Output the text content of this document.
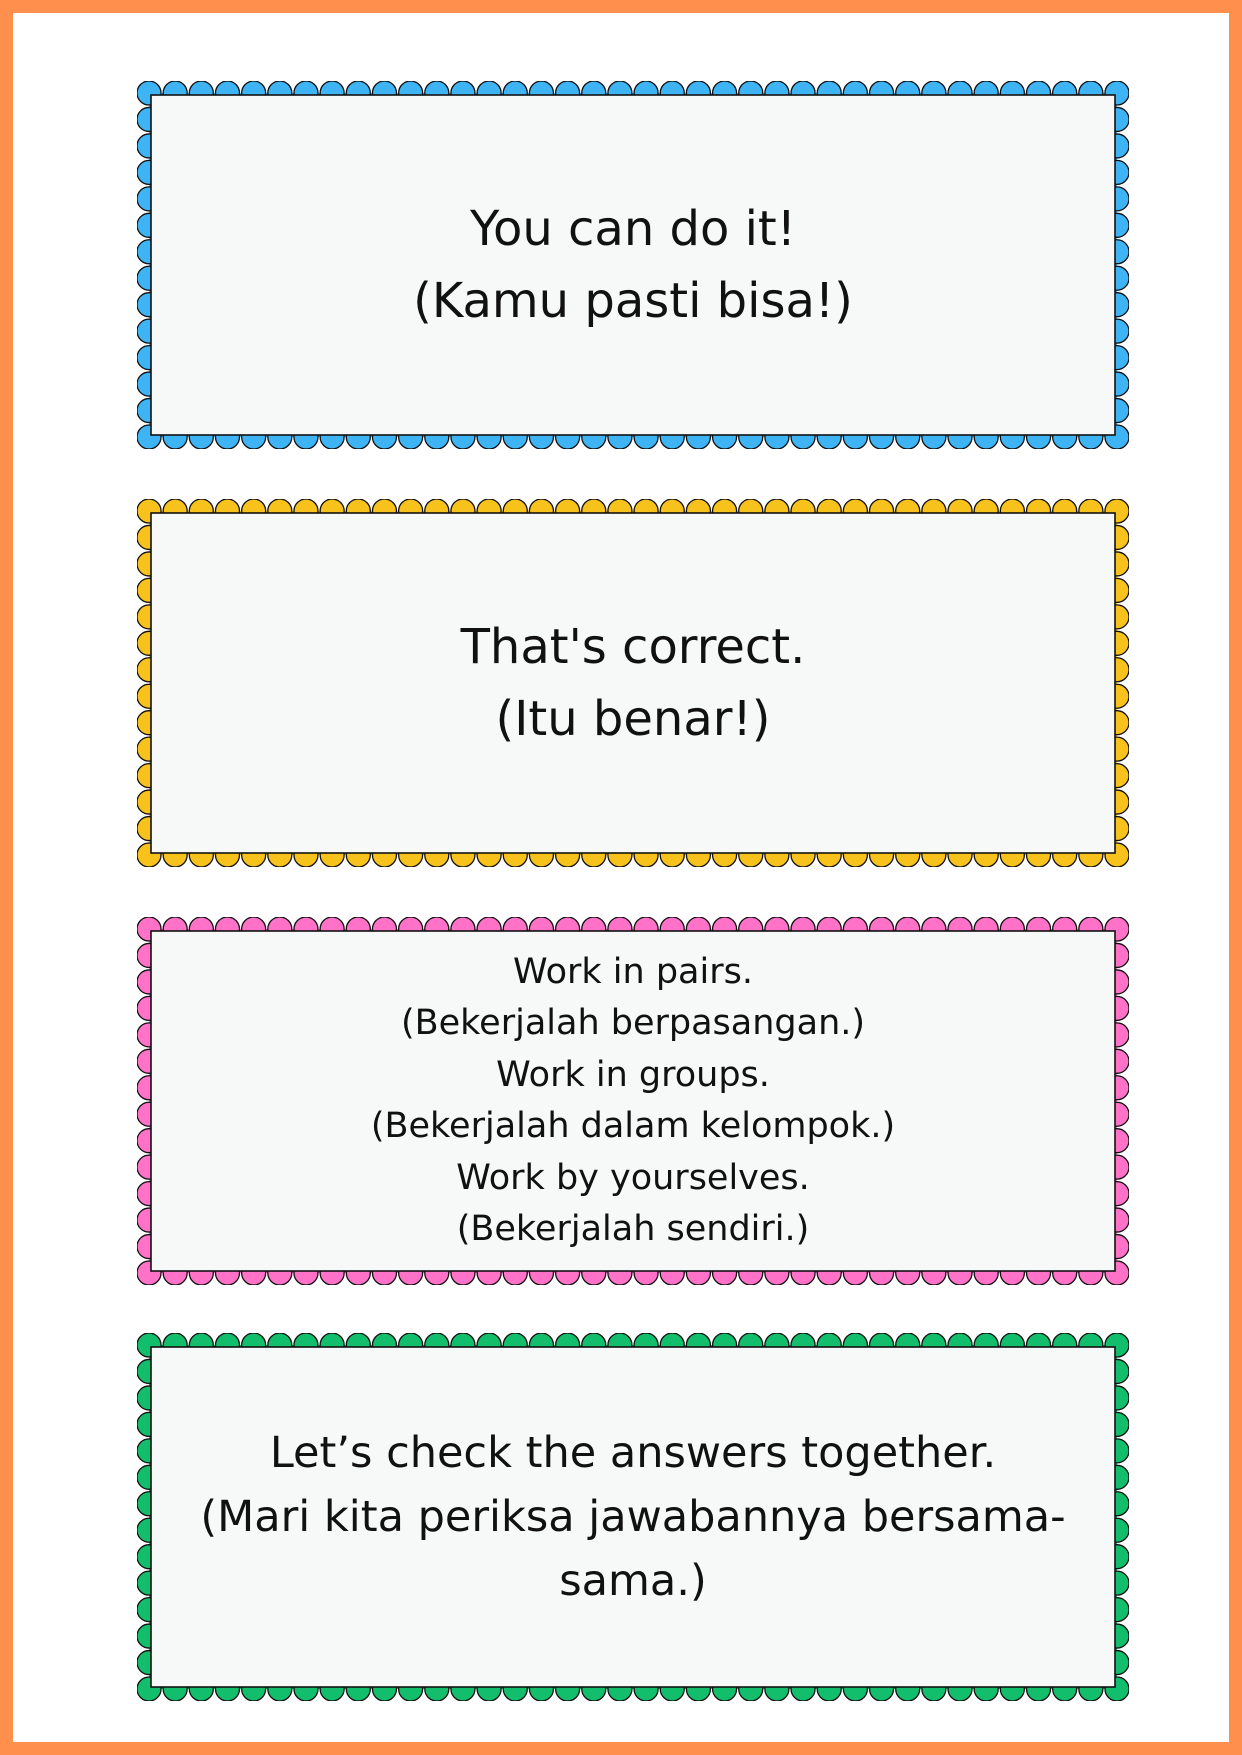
You can do it!
(Kamu pasti bisa!)
That's correct.
(Itu benar!)
Work in pairs.
(Bekerjalah berpasangan.)
Work in groups.
(Bekerjalah dalam kelompok.)
Work by yourselves.
(Bekerjalah sendiri.)
Let’s check the answers together.
(Mari kita periksa jawabannya bersama-
sama.)
